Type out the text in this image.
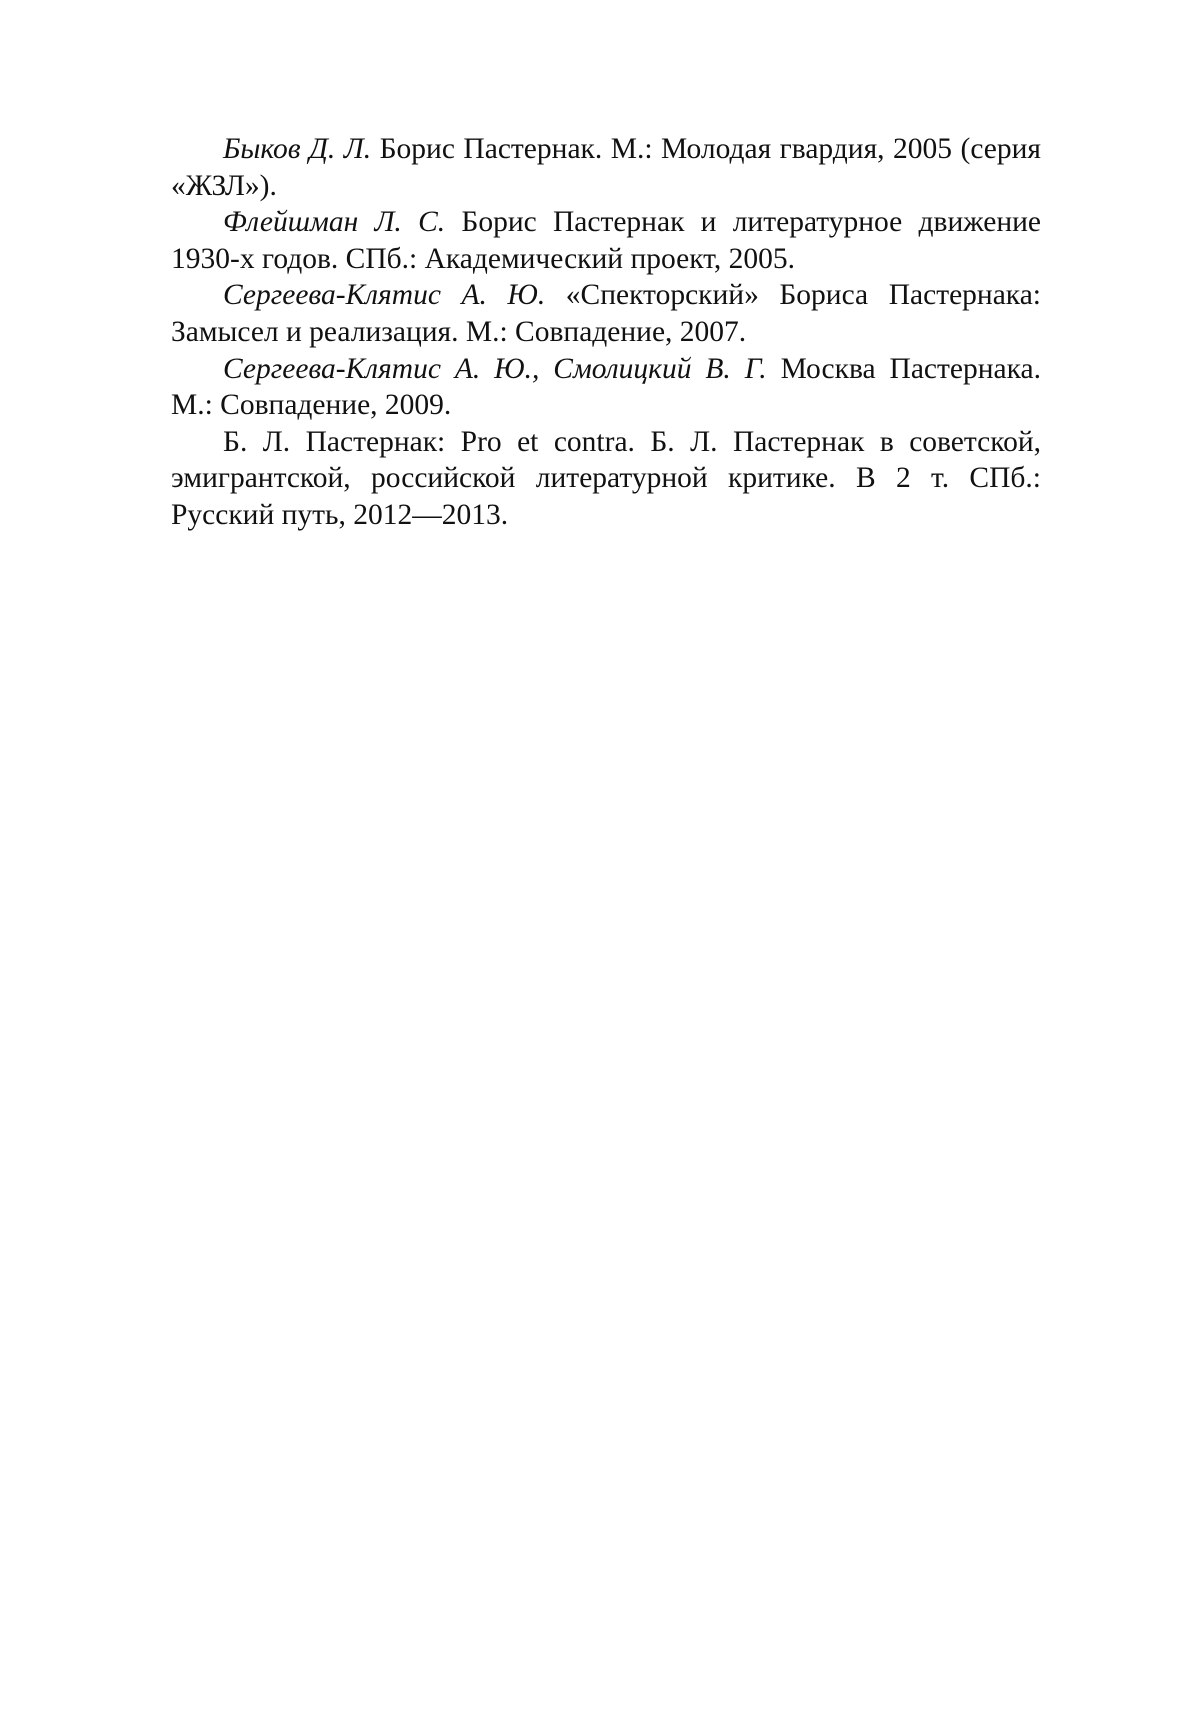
Быков Д. Л. Борис Пастернак. М.: Молодая гвардия, 2005 (серия «ЖЗЛ»).

Флейшман Л. С. Борис Пастернак и литературное движение 1930-х годов. СПб.: Академический проект, 2005.

Сергеева-Клятис А. Ю. «Спекторский» Бориса Пастернака: Замысел и реализация. М.: Совпадение, 2007.

Сергеева-Клятис А. Ю., Смолицкий В. Г. Москва Пастернака. М.: Совпадение, 2009.

Б. Л. Пастернак: Pro et contra. Б. Л. Пастернак в советской, эмигрантской, российской литературной критике. В 2 т. СПб.: Русский путь, 2012—2013.
